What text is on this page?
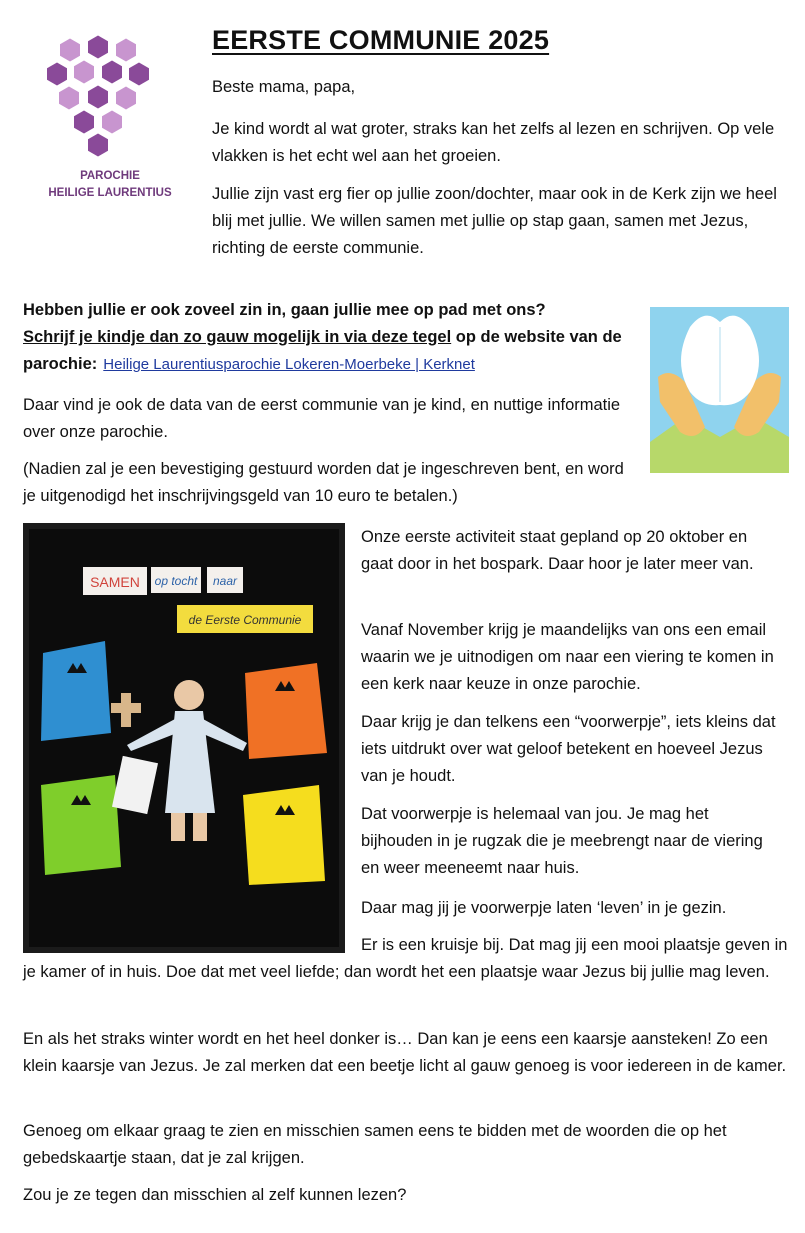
PAROCHIE
HEILIGE LAURENTIUS
EERSTE COMMUNIE 2025

Beste mama, papa,

Je kind wordt al wat groter, straks kan het zelfs al lezen en schrijven. Op vele vlakken is het echt wel aan het groeien.

Jullie zijn vast erg fier op jullie zoon/dochter, maar ook in de Kerk zijn we heel blij met jullie. We willen samen met jullie op stap gaan, samen met Jezus, richting de eerste communie.

Hebben jullie er ook zoveel zin in, gaan jullie mee op pad met ons?
Schrijf je kindje dan zo gauw mogelijk in via deze tegel op de website van de parochie: Heilige Laurentiusparochie Lokeren-Moerbeke | Kerknet

Daar vind je ook de data van de eerst communie van je kind, en nuttige informatie over onze parochie.

(Nadien zal je een bevestiging gestuurd worden dat je ingeschreven bent, en word je uitgenodigd het inschrijvingsgeld van 10 euro te betalen.)

SAMEN op tocht naar
de Eerste Communie

Onze eerste activiteit staat gepland op 20 oktober en gaat door in het bospark. Daar hoor je later meer van.

Vanaf November krijg je maandelijks van ons een email waarin we je uitnodigen om naar een viering te komen in een kerk naar keuze in onze parochie.

Daar krijg je dan telkens een “voorwerpje”, iets kleins dat iets uitdrukt over wat geloof betekent en hoeveel Jezus van je houdt.

Dat voorwerpje is helemaal van jou. Je mag het bijhouden in je rugzak die je meebrengt naar de viering en weer meeneemt naar huis.

Daar mag jij je voorwerpje laten ‘leven’ in je gezin.

Er is een kruisje bij. Dat mag jij een mooi plaatsje geven in je kamer of in huis. Doe dat met veel liefde; dan wordt het een plaatsje waar Jezus bij jullie mag leven.

En als het straks winter wordt en het heel donker is… Dan kan je eens een kaarsje aansteken! Zo een klein kaarsje van Jezus. Je zal merken dat een beetje licht al gauw genoeg is voor iedereen in de kamer.

Genoeg om elkaar graag te zien en misschien samen eens te bidden met de woorden die op het gebedskaartje staan, dat je zal krijgen.

Zou je ze tegen dan misschien al zelf kunnen lezen?
